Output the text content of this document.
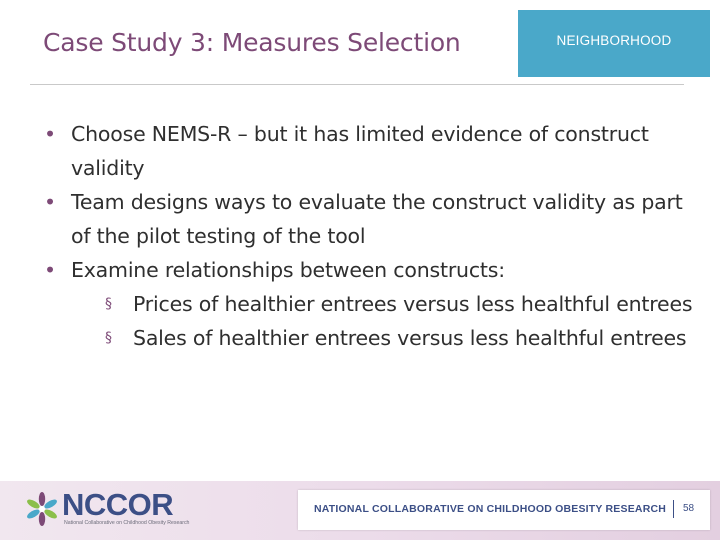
Case Study 3: Measures Selection	NEIGHBORHOOD
• Choose NEMS-R – but it has limited evidence of construct validity
• Team designs ways to evaluate the construct validity as part of the pilot testing of the tool
• Examine relationships between constructs:
§ Prices of healthier entrees versus less healthful entrees
§ Sales of healthier entrees versus less healthful entrees
NCCOR
National Collaborative on Childhood Obesity Research
NATIONAL COLLABORATIVE ON CHILDHOOD OBESITY RESEARCH 58
